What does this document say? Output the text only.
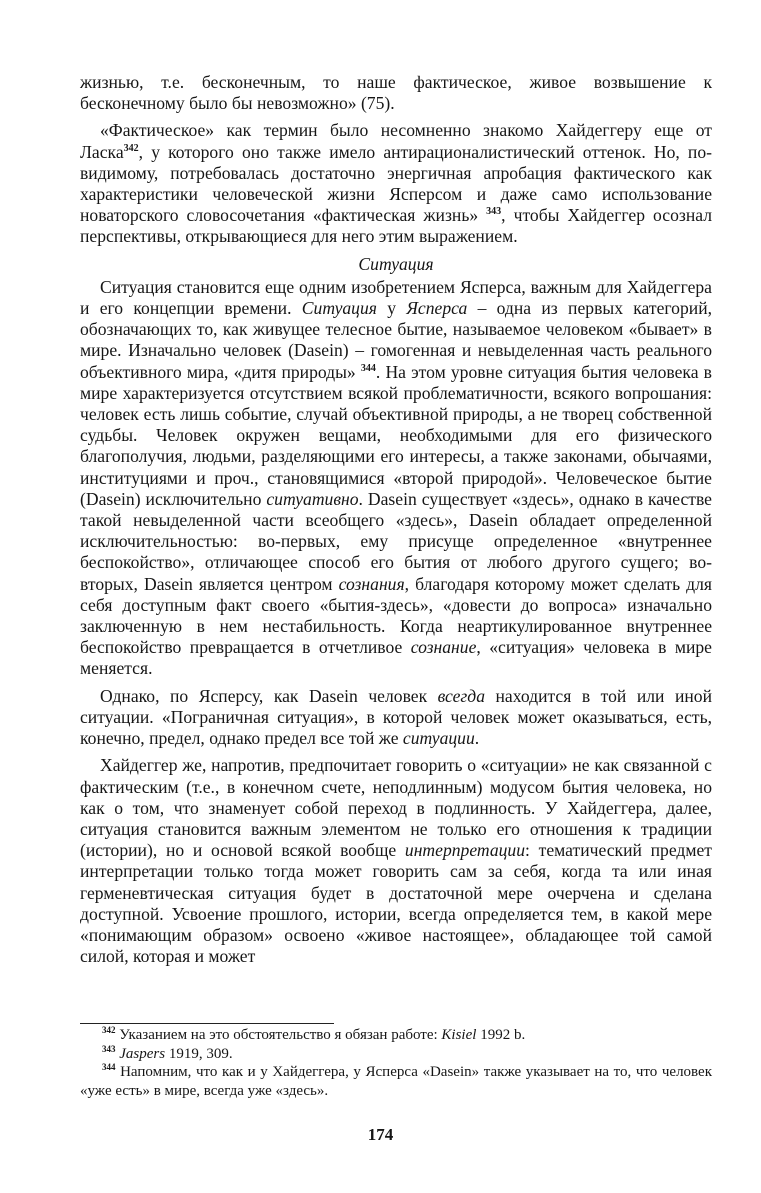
жизнью, т.е. бесконечным, то наше фактическое, живое возвышение к бесконечному было бы невозможно» (75).

«Фактическое» как термин было несомненно знакомо Хайдеггеру еще от Ласка$^{342}$, у которого оно также имело антирационалистический оттенок. Но, по-видимому, потребовалась достаточно энергичная апробация фактического как характеристики человеческой жизни Ясперсом и даже само использование новаторского словосочетания «фактическая жизнь» $^{343}$, чтобы Хайдеггер осознал перспективы, открывающиеся для него этим выражением.

Ситуация

Ситуация становится еще одним изобретением Ясперса, важным для Хайдеггера и его концепции времени. Ситуация у Ясперса – одна из первых категорий, обозначающих то, как живущее телесное бытие, называемое человеком «бывает» в мире. Изначально человек (Dasein) – гомогенная и невыделенная часть реального объективного мира, «дитя природы» $^{344}$. На этом уровне ситуация бытия человека в мире характеризуется отсутствием всякой проблематичности, всякого вопрошания: человек есть лишь событие, случай объективной природы, а не творец собственной судьбы. Человек окружен вещами, необходимыми для его физического благополучия, людьми, разделяющими его интересы, а также законами, обычаями, институциями и проч., становящимися «второй природой». Человеческое бытие (Dasein) исключительно ситуативно. Dasein существует «здесь», однако в качестве такой невыделенной части всеобщего «здесь», Dasein обладает определенной исключительностью: во-первых, ему присуще определенное «внутреннее беспокойство», отличающее способ его бытия от любого другого сущего; во-вторых, Dasein является центром сознания, благодаря которому может сделать для себя доступным факт своего «бытия-здесь», «довести до вопроса» изначально заключенную в нем нестабильность. Когда неартикулированное внутреннее беспокойство превращается в отчетливое сознание, «ситуация» человека в мире меняется.

Однако, по Ясперсу, как Dasein человек всегда находится в той или иной ситуации. «Пограничная ситуация», в которой человек может оказываться, есть, конечно, предел, однако предел все той же ситуации.

Хайдеггер же, напротив, предпочитает говорить о «ситуации» не как связанной с фактическим (т.е., в конечном счете, неподлинным) модусом бытия человека, но как о том, что знаменует собой переход в подлинность. У Хайдеггера, далее, ситуация становится важным элементом не только его отношения к традиции (истории), но и основой всякой вообще интерпретации: тематический предмет интерпретации только тогда может говорить сам за себя, когда та или иная герменевтическая ситуация будет в достаточной мере очерчена и сделана доступной. Усвоение прошлого, истории, всегда определяется тем, в какой мере «понимающим образом» освоено «живое настоящее», обладающее той самой силой, которая и может

$^{342}$ Указанием на это обстоятельство я обязан работе: Kisiel 1992 b.

$^{343}$ Jaspers 1919, 309.

$^{344}$ Напомним, что как и у Хайдеггера, у Ясперса «Dasein» также указывает на то, что человек «уже есть» в мире, всегда уже «здесь».

174
